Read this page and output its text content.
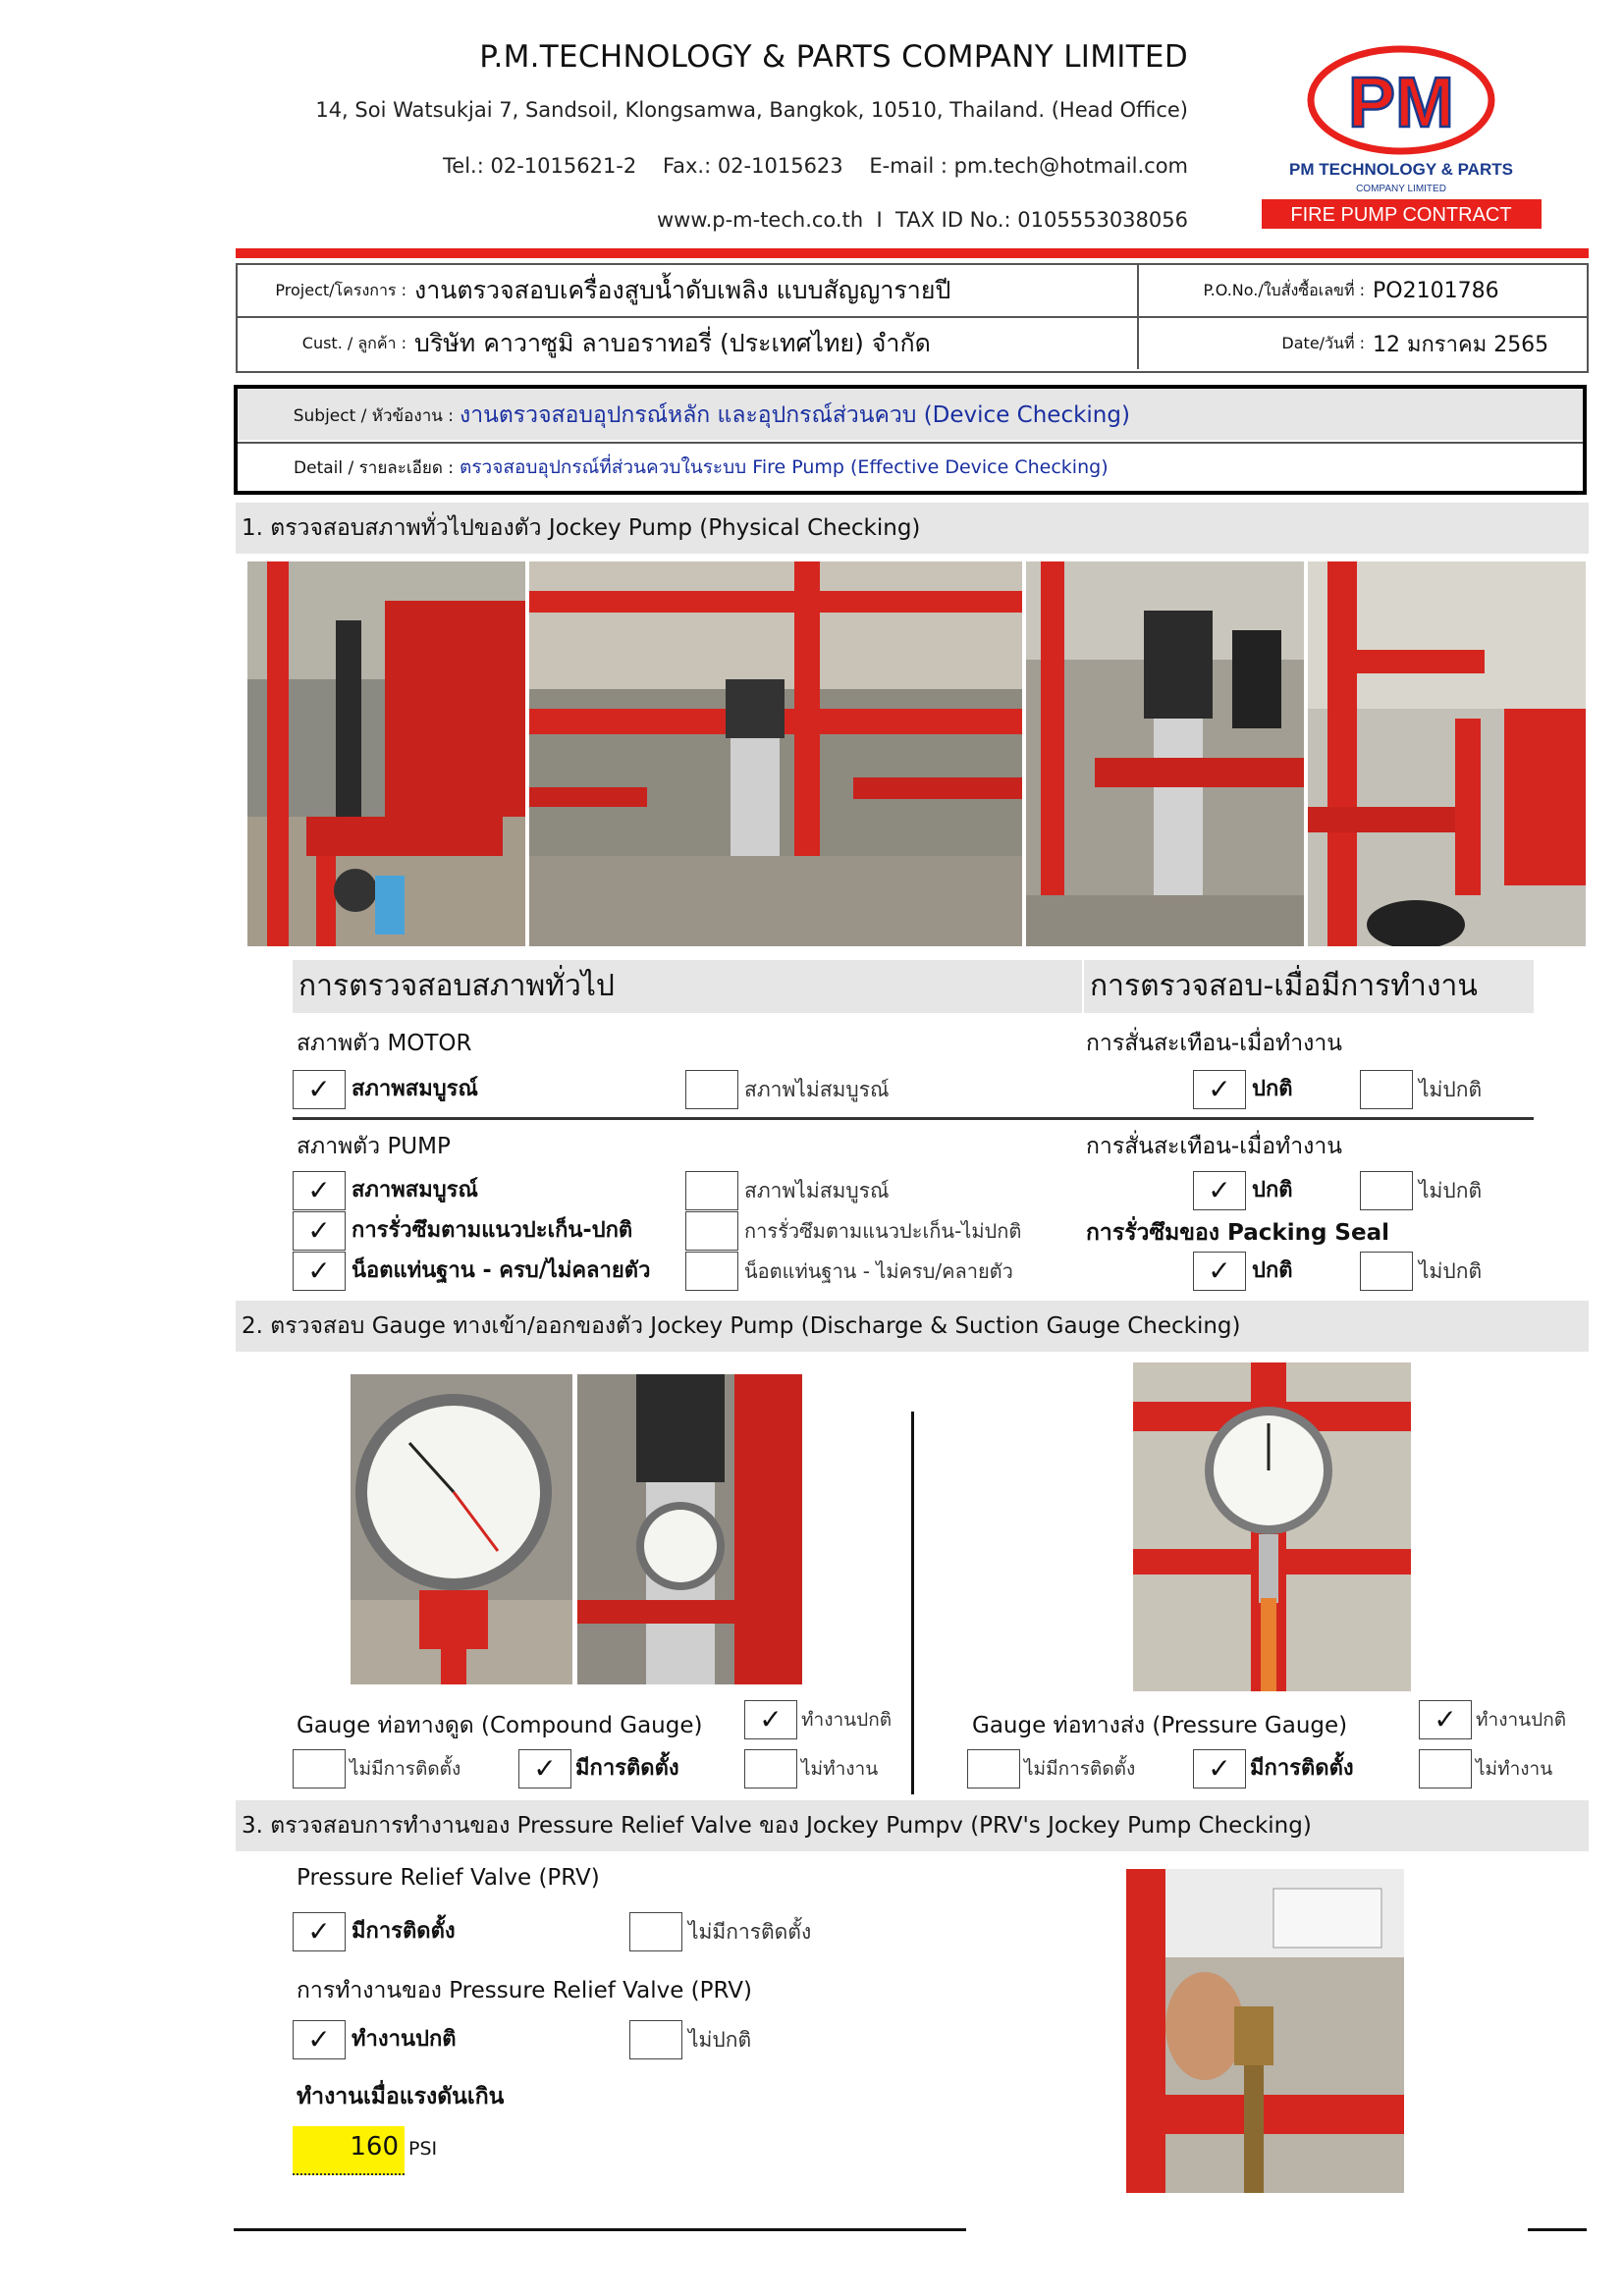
P.M.TECHNOLOGY & PARTS COMPANY LIMITED
14, Soi Watsukjai 7, Sandsoil, Klongsamwa, Bangkok, 10510, Thailand. (Head Office)
Tel.: 02-1015621-2    Fax.: 02-1015623    E-mail : pm.tech@hotmail.com
www.p-m-tech.co.th  I  TAX ID No.: 0105553038056
PM
PM TECHNOLOGY & PARTS
COMPANY LIMITED
FIRE PUMP CONTRACT
Project/โครงการ : งานตรวจสอบเครื่องสูบน้ำดับเพลิง แบบสัญญารายปี
Cust. / ลูกค้า : บริษัท คาวาซูมิ ลาบอราทอรี่ (ประเทศไทย) จำกัด
P.O.No./ใบสั่งซื้อเลขที่ : PO2101786
Date/วันที่ : 12 มกราคม 2565
Subject / หัวข้องาน : งานตรวจสอบอุปกรณ์หลัก และอุปกรณ์ส่วนควบ (Device Checking)
Detail / รายละเอียด : ตรวจสอบอุปกรณ์ที่ส่วนควบในระบบ Fire Pump (Effective Device Checking)
1. ตรวจสอบสภาพทั่วไปของตัว Jockey Pump (Physical Checking)
การตรวจสอบสภาพทั่วไป	การตรวจสอบ-เมื่อมีการทำงาน
สภาพตัว MOTOR	การสั่นสะเทือน-เมื่อทำงาน
✓ สภาพสมบูรณ์	สภาพไม่สมบูรณ์	✓ ปกติ	ไม่ปกติ
สภาพตัว PUMP	การสั่นสะเทือน-เมื่อทำงาน
✓ สภาพสมบูรณ์	สภาพไม่สมบูรณ์	✓ ปกติ	ไม่ปกติ
✓ การรั่วซึมตามแนวปะเก็น-ปกติ	การรั่วซึมตามแนวปะเก็น-ไม่ปกติ	การรั่วซึมของ Packing Seal
✓ น็อตแท่นฐาน - ครบ/ไม่คลายตัว	น็อตแท่นฐาน - ไม่ครบ/คลายตัว	✓ ปกติ	ไม่ปกติ
2. ตรวจสอบ Gauge ทางเข้า/ออกของตัว Jockey Pump (Discharge & Suction Gauge Checking)
Gauge ท่อทางดูด (Compound Gauge)	✓	ทำงานปกติ
ไม่มีการติดตั้ง	✓ มีการติดตั้ง	ไม่ทำงาน
Gauge ท่อทางส่ง (Pressure Gauge)	✓	ทำงานปกติ
ไม่มีการติดตั้ง	✓ มีการติดตั้ง	ไม่ทำงาน
3. ตรวจสอบการทำงานของ Pressure Relief Valve ของ Jockey Pumpv (PRV's Jockey Pump Checking)
Pressure Relief Valve (PRV)
✓ มีการติดตั้ง	ไม่มีการติดตั้ง
การทำงานของ Pressure Relief Valve (PRV)
✓ ทำงานปกติ	ไม่ปกติ
ทำงานเมื่อแรงดันเกิน
160 PSI
